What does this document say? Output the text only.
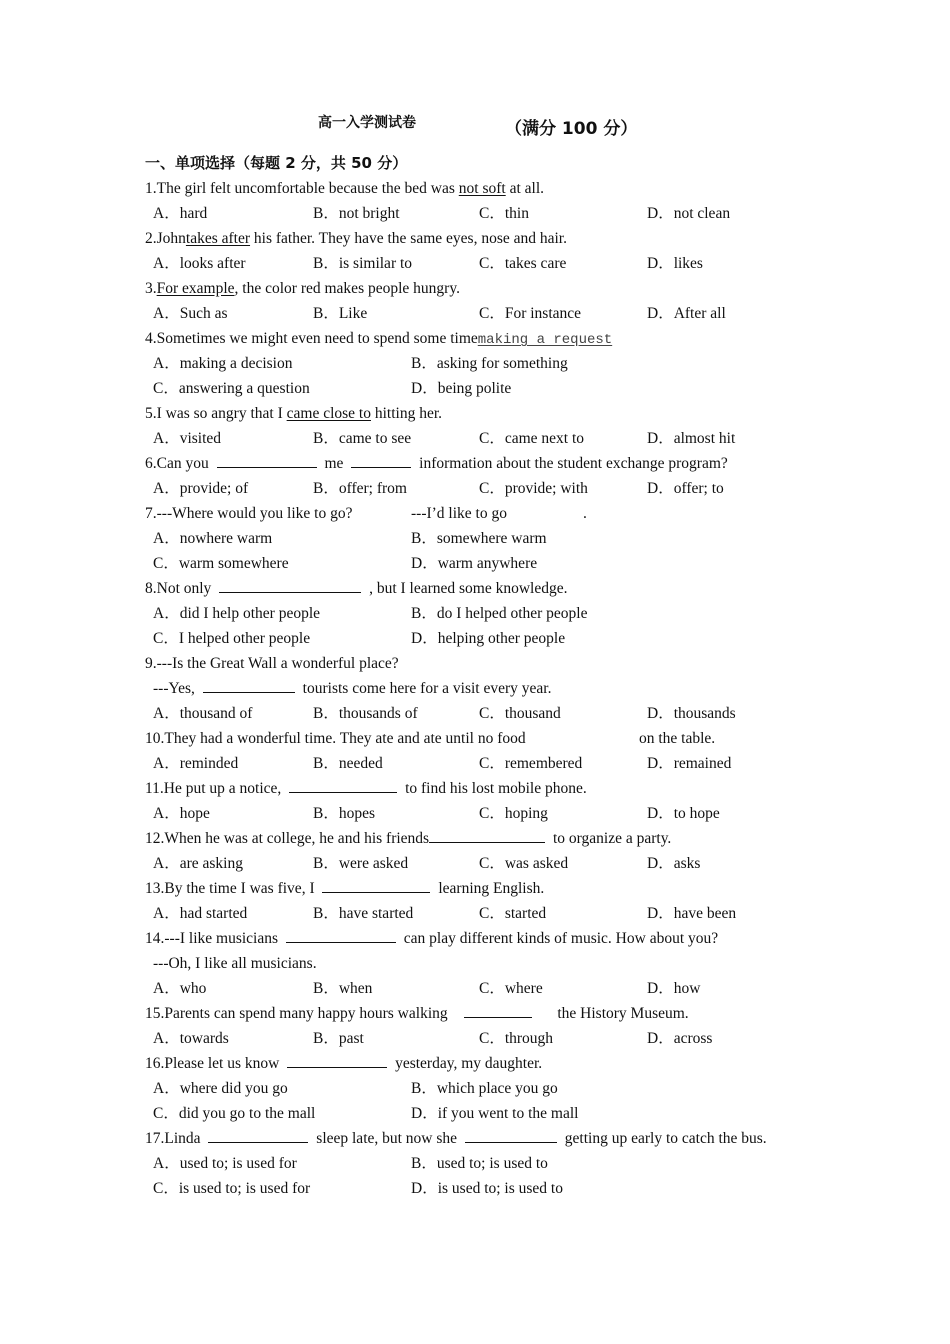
高一入学测试卷	（满分 100 分）
一、单项选择（每题 2 分，共 50 分）
1.The girl felt uncomfortable because the bed was not soft at all.
A．hard	B．not bright	C．thin	D．not clean
2.Johntakes after his father. They have the same eyes, nose and hair.
A．looks after	B．is similar to	C．takes care	D．likes
3.For example, the color red makes people hungry.
A．Such as	B．Like	C．For instance	D．After all
4.Sometimes we might even need to spend some timemaking a request
A．making a decision	B．asking for something
C．answering a question	D．being polite
5.I was so angry that I came close to hitting her.
A．visited	B．came to see	C．came next to	D．almost hit
6.Can you	me	information about the student exchange program?
A．provide; of	B．offer; from	C．provide; with	D．offer; to
7.---Where would you like to go?	---I’d like to go	.
A．nowhere warm	B．somewhere warm
C．warm somewhere	D．warm anywhere
8.Not only	, but I learned some knowledge.
A．did I help other people	B．do I helped other people
C．I helped other people	D．helping other people
9.---Is the Great Wall a wonderful place?
---Yes,	tourists come here for a visit every year.
A．thousand of	B．thousands of	C．thousand	D．thousands
10.They had a wonderful time. They ate and ate until no food	on the table.
A．reminded	B．needed	C．remembered	D．remained
11.He put up a notice,	to find his lost mobile phone.
A．hope	B．hopes	C．hoping	D．to hope
12.When he was at college, he and his friends	to organize a party.
A．are asking	B．were asked	C．was asked	D．asks
13.By the time I was five, I	learning English.
A．had started	B．have started	C．started	D．have been
14.---I like musicians	can play different kinds of music. How about you?
---Oh, I like all musicians.
A．who	B．when	C．where	D．how
15.Parents can spend many happy hours walking	the History Museum.
A．towards	B．past	C．through	D．across
16.Please let us know	yesterday, my daughter.
A．where did you go	B．which place you go
C．did you go to the mall	D．if you went to the mall
17.Linda	sleep late, but now she	getting up early to catch the bus.
A．used to; is used for	B．used to; is used to
C．is used to; is used for	D．is used to; is used to
